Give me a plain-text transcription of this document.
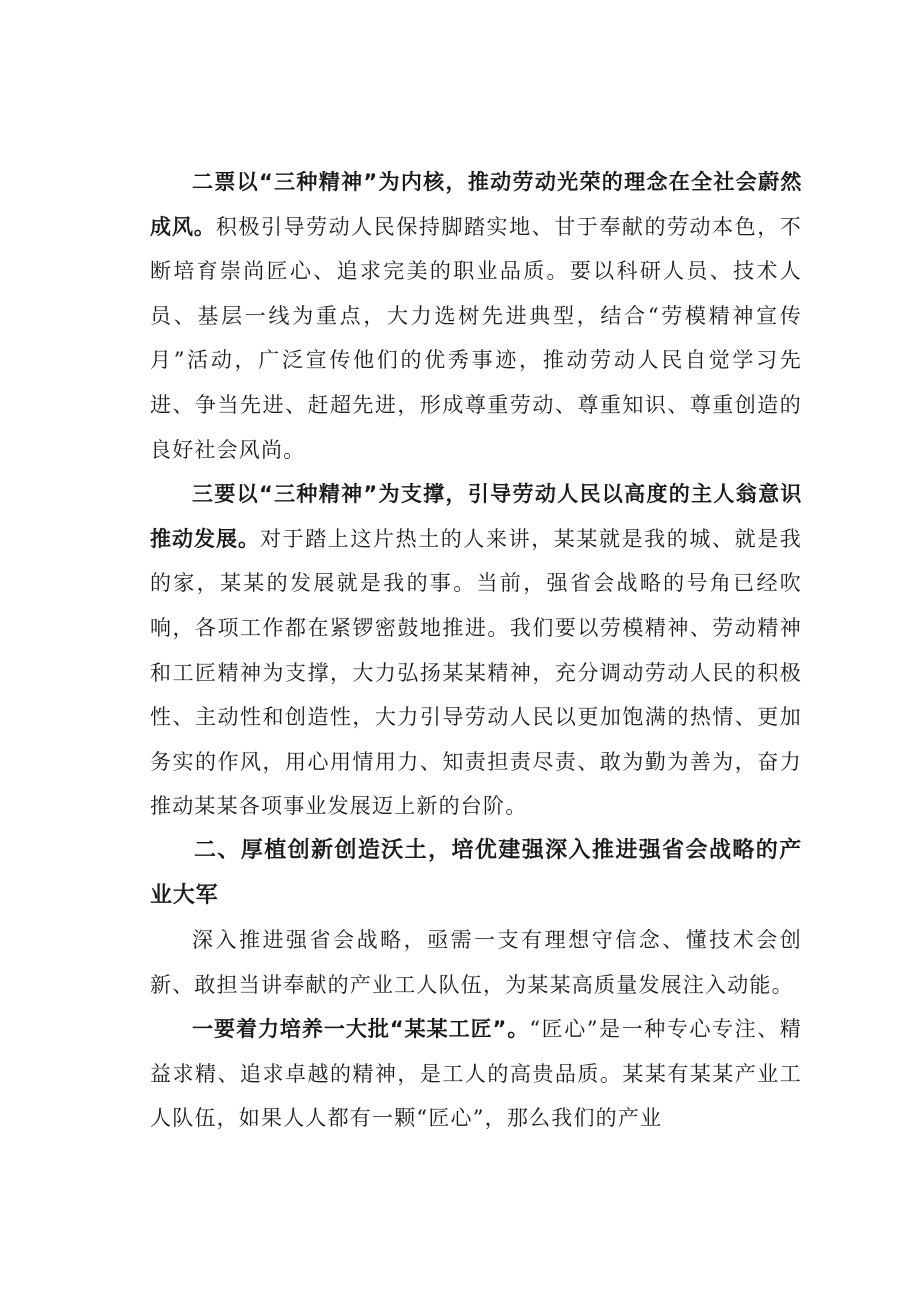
二票以“三种精神”为内核，推动劳动光荣的理念在全社会蔚然成风。积极引导劳动人民保持脚踏实地、甘于奉献的劳动本色，不断培育崇尚匠心、追求完美的职业品质。要以科研人员、技术人员、基层一线为重点，大力选树先进典型，结合“劳模精神宣传月”活动，广泛宣传他们的优秀事迹，推动劳动人民自觉学习先进、争当先进、赶超先进，形成尊重劳动、尊重知识、尊重创造的良好社会风尚。

三要以“三种精神”为支撑，引导劳动人民以高度的主人翁意识推动发展。对于踏上这片热土的人来讲，某某就是我的城、就是我的家，某某的发展就是我的事。当前，强省会战略的号角已经吹响，各项工作都在紧锣密鼓地推进。我们要以劳模精神、劳动精神和工匠精神为支撑，大力弘扬某某精神，充分调动劳动人民的积极性、主动性和创造性，大力引导劳动人民以更加饱满的热情、更加务实的作风，用心用情用力、知责担责尽责、敢为勤为善为，奋力推动某某各项事业发展迈上新的台阶。

二、厚植创新创造沃土，培优建强深入推进强省会战略的产业大军

深入推进强省会战略，亟需一支有理想守信念、懂技术会创新、敢担当讲奉献的产业工人队伍，为某某高质量发展注入动能。

一要着力培养一大批“某某工匠”。“匠心”是一种专心专注、精益求精、追求卓越的精神，是工人的高贵品质。某某有某某产业工人队伍，如果人人都有一颗“匠心”，那么我们的产业
